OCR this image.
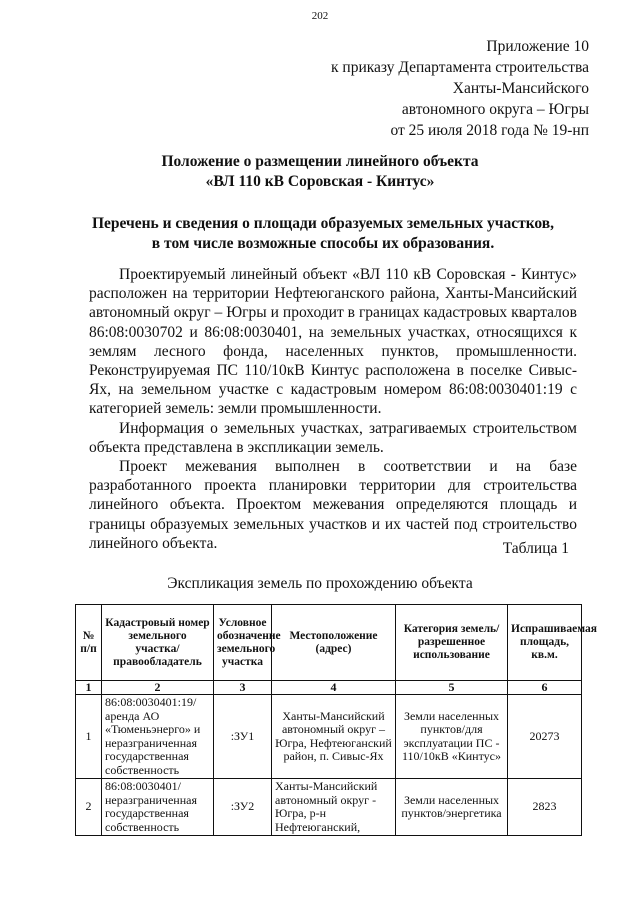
202
Приложение 10
к приказу Департамента строительства
Ханты-Мансийского
автономного округа – Югры
от 25 июля 2018 года № 19-нп
Положение о размещении линейного объекта
«ВЛ 110 кВ Соровская - Кинтус»
Перечень и сведения о площади образуемых земельных участков, в том числе возможные способы их образования.

Проектируемый линейный объект «ВЛ 110 кВ Соровская - Кинтус» расположен на территории Нефтеюганского района, Ханты-Мансийский автономный округ – Югры и проходит в границах кадастровых кварталов 86:08:0030702 и 86:08:0030401, на земельных участках, относящихся к землям лесного фонда, населенных пунктов, промышленности. Реконструируемая ПС 110/10кВ Кинтус расположена в поселке Сивыс-Ях, на земельном участке с кадастровым номером 86:08:0030401:19 с категорией земель: земли промышленности.

Информация о земельных участках, затрагиваемых строительством объекта представлена в экспликации земель.

Проект межевания выполнен в соответствии и на базе разработанного проекта планировки территории для строительства линейного объекта. Проектом межевания определяются площадь и границы образуемых земельных участков и их частей под строительство линейного объекта.	Таблица 1
Экспликация земель по прохождению объекта
№ п/п	Кадастровый номер земельного участка/ правообладатель	Условное обозначение земельного участка	Местоположение (адрес)	Категория земель/разрешенное использование	Испрашиваемая площадь, кв.м.
1	2	3	4	5	6
1	86:08:0030401:19/ аренда АО «Тюменьэнерго» и неразграниченная государственная собственность	:ЗУ1	Ханты-Мансийский автономный округ – Югра, Нефтеюганский район, п. Сивыс-Ях	Земли населенных пунктов/для эксплуатации ПС - 110/10кВ «Кинтус»	20273
2	86:08:0030401/ неразграниченная государственная собственность	:ЗУ2	Ханты-Мансийский автономный округ - Югра, р-н Нефтеюганский,	Земли населенных пунктов/энергетика	2823
